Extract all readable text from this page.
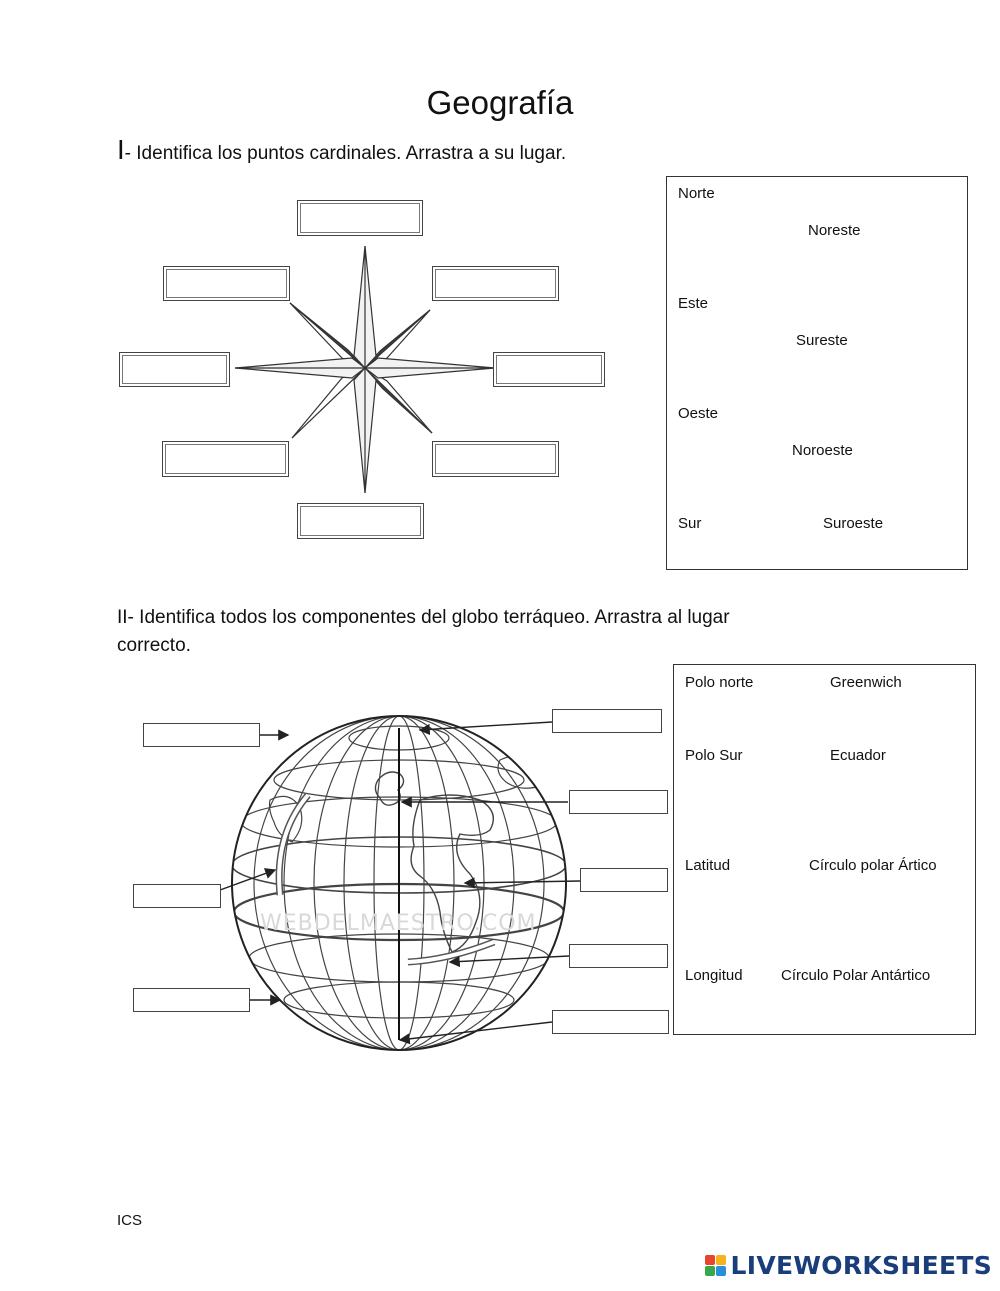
Geografía
I- Identifica los puntos cardinales. Arrastra a su lugar.
Norte
Noreste
Este
Sureste
Oeste
Noroeste
Sur	Suroeste
II- Identifica todos los componentes del globo terráqueo. Arrastra al lugar
correcto.
WEBDELMAESTRO.COM
Polo norte	Greenwich
Polo Sur	Ecuador
Latitud	Círculo polar Ártico
Longitud	Círculo Polar Antártico
ICS
LIVEWORKSHEETS
